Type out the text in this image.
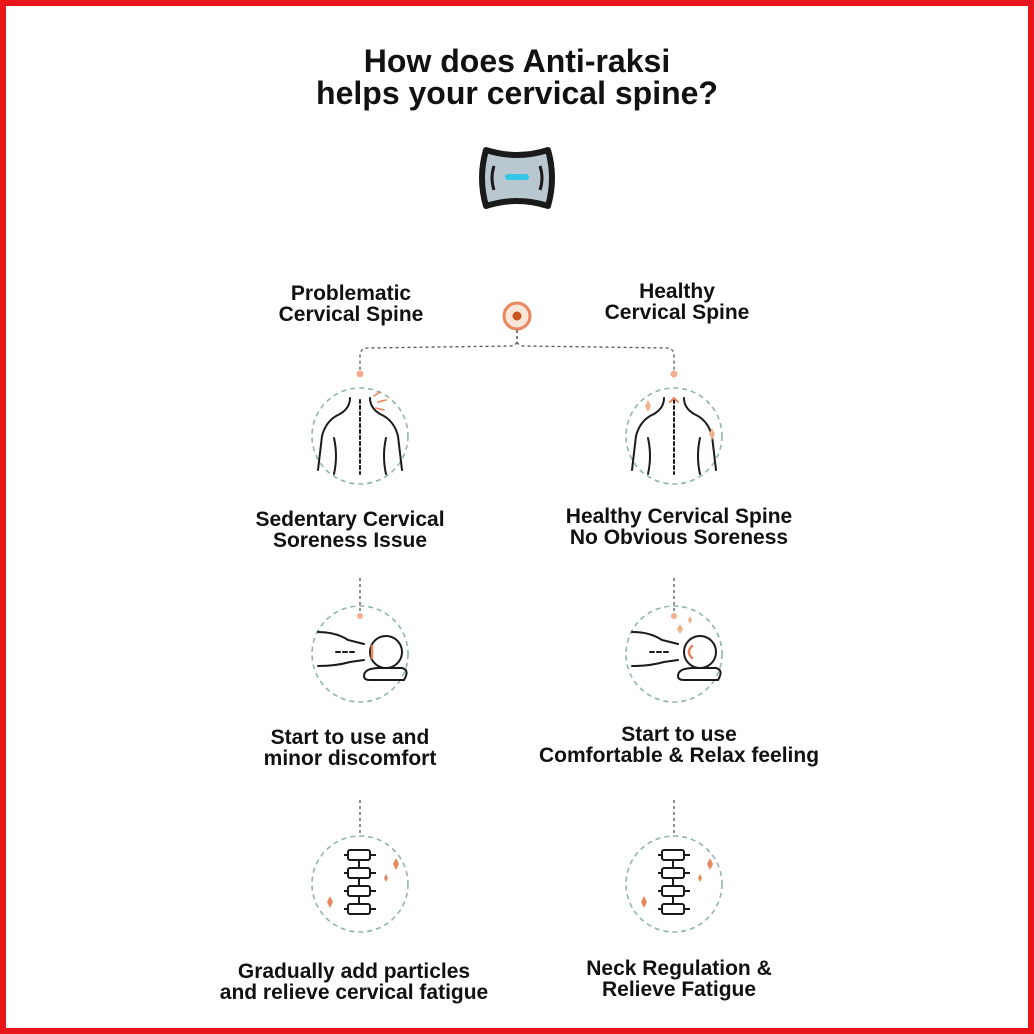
How does Anti-raksi
helps your cervical spine?
Problematic
Cervical Spine
Healthy
Cervical Spine
Sedentary Cervical
Soreness Issue
Start to use and
minor discomfort
Gradually add particles
and relieve cervical fatigue
Healthy Cervical Spine
No Obvious Soreness
Start to use
Comfortable & Relax feeling
Neck Regulation &
Relieve Fatigue
